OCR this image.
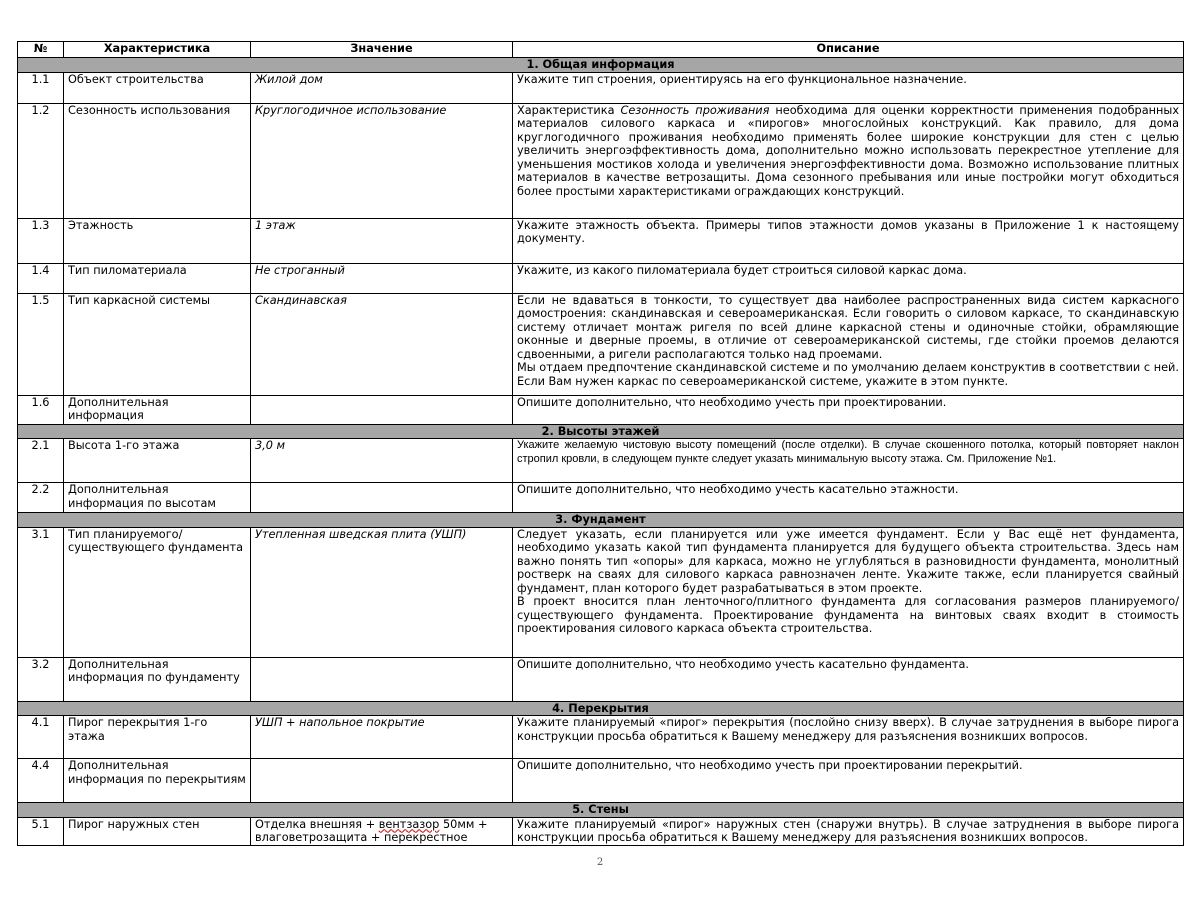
№	Характеристика	Значение	Описание
1. Общая информация			
1.1	Объект строительства	Жилой дом	Укажите тип строения, ориентируясь на его функциональное назначение.
1.2	Сезонность использования	Круглогодичное использование	Характеристика Сезонность проживания необходима для оценки корректности применения подобранных материалов силового каркаса и «пирогов» многослойных конструкций. Как правило, для дома круглогодичного проживания необходимо применять более широкие конструкции для стен с целью увеличить энергоэффективность дома, дополнительно можно использовать перекрестное утепление для уменьшения мостиков холода и увеличения энергоэффективности дома. Возможно использование плитных материалов в качестве ветрозащиты. Дома сезонного пребывания или иные постройки могут обходиться более простыми характеристиками ограждающих конструкций.
1.3	Этажность	1 этаж	Укажите этажность объекта. Примеры типов этажности домов указаны в Приложение 1 к настоящему документу.
1.4	Тип пиломатериала	Не строганный	Укажите, из какого пиломатериала будет строиться силовой каркас дома.
1.5	Тип каркасной системы	Скандинавская	Если не вдаваться в тонкости, то существует два наиболее распространенных вида систем каркасного домостроения: скандинавская и североамериканская. Если говорить о силовом каркасе, то скандинавскую систему отличает монтаж ригеля по всей длине каркасной стены и одиночные стойки, обрамляющие оконные и дверные проемы, в отличие от североамериканской системы, где стойки проемов делаются сдвоенными, а ригели располагаются только над проемами.
Мы отдаем предпочтение скандинавской системе и по умолчанию делаем конструктив в соответствии с ней. Если Вам нужен каркас по североамериканской системе, укажите в этом пункте.

1.6	Дополнительная информация		Опишите дополнительно, что необходимо учесть при проектировании.
2. Высоты этажей			
2.1	Высота 1-го этажа	3,0 м	Укажите желаемую чистовую высоту помещений (после отделки). В случае скошенного потолка, который повторяет наклон стропил кровли, в следующем пункте следует указать минимальную высоту этажа. См. Приложение №1.
2.2	Дополнительная информация по высотам		Опишите дополнительно, что необходимо учесть касательно этажности.
3. Фундамент			
3.1	Тип планируемого/ существующего фундамента	Утепленная шведская плита (УШП)	Следует указать, если планируется или уже имеется фундамент. Если у Вас ещё нет фундамента, необходимо указать какой тип фундамента планируется для будущего объекта строительства. Здесь нам важно понять тип «опоры» для каркаса, можно не углубляться в разновидности фундамента, монолитный ростверк на сваях для силового каркаса равнозначен ленте. Укажите также, если планируется свайный фундамент, план которого будет разрабатываться в этом проекте.
В проект вносится план ленточного/плитного фундамента для согласования размеров планируемого/существующего фундамента. Проектирование фундамента на винтовых сваях входит в стоимость проектирования силового каркаса объекта строительства.

3.2	Дополнительная информация по фундаменту		Опишите дополнительно, что необходимо учесть касательно фундамента.
4. Перекрытия			
4.1	Пирог перекрытия 1-го этажа	УШП + напольное покрытие	Укажите планируемый «пирог» перекрытия (послойно снизу вверх). В случае затруднения в выборе пирога конструкции просьба обратиться к Вашему менеджеру для разъяснения возникших вопросов.
4.4	Дополнительная информация по перекрытиям		Опишите дополнительно, что необходимо учесть при проектировании перекрытий.
5. Стены			
5.1	Пирог наружных стен	Отделка внешняя + вентзазор 50мм + влаговетрозащита + перекрестное	Укажите планируемый «пирог» наружных стен (снаружи внутрь). В случае затруднения в выборе пирога конструкции просьба обратиться к Вашему менеджеру для разъяснения возникших вопросов.
2
